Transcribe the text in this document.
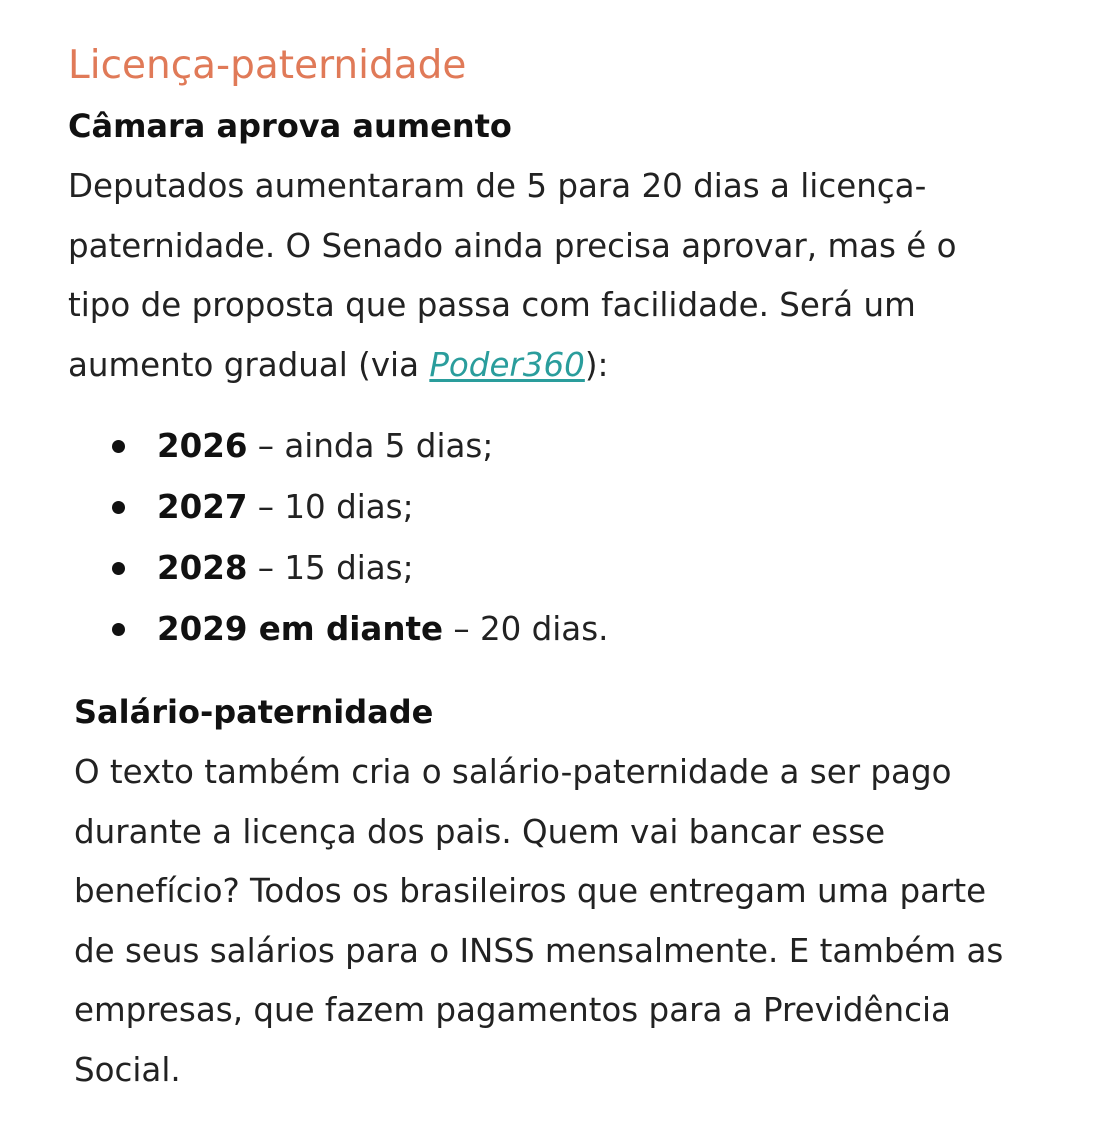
Licença-paternidade
Câmara aprova aumento

Deputados aumentaram de 5 para 20 dias a licença-
paternidade. O Senado ainda precisa aprovar, mas é o
tipo de proposta que passa com facilidade. Será um
aumento gradual (via Poder360):

2026 – ainda 5 dias;
2027 – 10 dias;
2028 – 15 dias;
2029 em diante – 20 dias.
Salário-paternidade

O texto também cria o salário-paternidade a ser pago
durante a licença dos pais. Quem vai bancar esse
benefício? Todos os brasileiros que entregam uma parte
de seus salários para o INSS mensalmente. E também as
empresas, que fazem pagamentos para a Previdência
Social.
